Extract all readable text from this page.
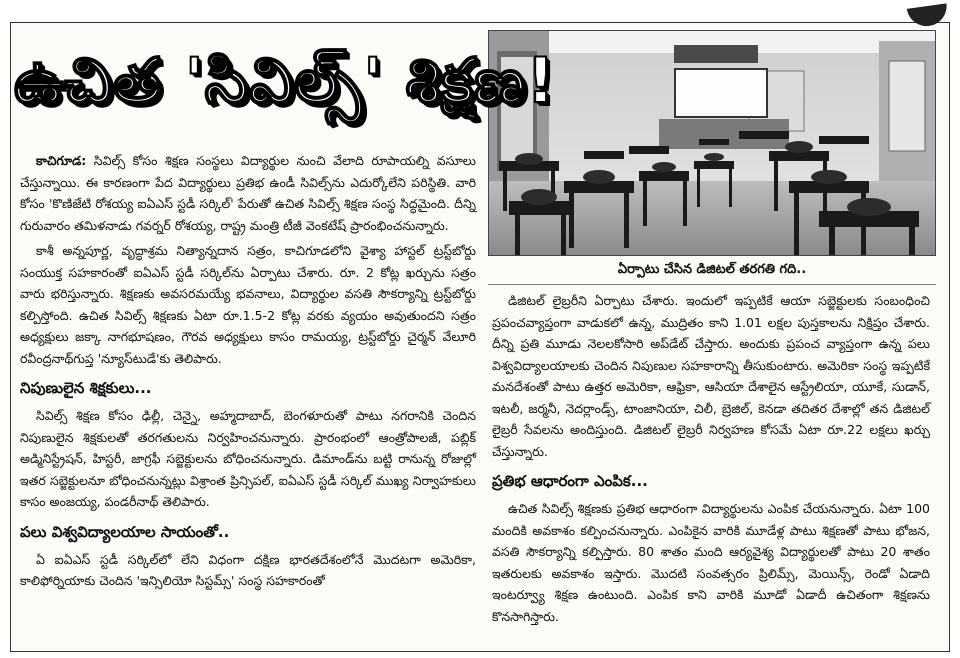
ఉచిత 'సివిల్స్' శిక్షణ!
ఏర్పాటు చేసిన డిజిటల్ తరగతి గది..

కాచిగూడ: సివిల్స్ కోసం శిక్షణ సంస్థలు విద్యార్థుల నుంచి వేలాది రూపాయల్ని వసూలు చేస్తున్నాయి. ఈ కారణంగా పేద విద్యార్థులు ప్రతిభ ఉండీ సివిల్స్‌ను ఎదుర్కోలేని పరిస్థితి. వారి కోసం 'కొణిజేటి రోశయ్య ఐఏఎస్ స్టడీ సర్కిల్' పేరుతో ఉచిత సివిల్స్ శిక్షణ సంస్థ సిద్ధమైంది. దీన్ని గురువారం తమిళనాడు గవర్నర్ రోశయ్య, రాష్ట్ర మంత్రి టీజీ వెంకటేష్ ప్రారంభించనున్నారు.

కాశీ అన్నపూర్ణ, వృద్ధాశ్రమ నిత్యాన్నదాన సత్రం, కాచిగూడలోని వైశ్యా హాస్టల్ ట్రస్ట్‌బోర్డు సంయుక్త సహకారంతో ఐఏఎస్ స్టడీ సర్కిల్‌ను ఏర్పాటు చేశారు. రూ. 2 కోట్ల ఖర్చును సత్రం వారు భరిస్తున్నారు. శిక్షణకు అవసరమయ్యే భవనాలు, విద్యార్థుల వసతి సౌకర్యాన్ని ట్రస్ట్‌బోర్డు కల్పిస్తోంది. ఉచిత సివిల్స్ శిక్షణకు ఏటా రూ.1.5-2 కోట్ల వరకు వ్యయం అవుతుందని సత్రం అధ్యక్షులు జక్కా నాగభూషణం, గౌరవ అధ్యక్షులు కాసం రామయ్య, ట్రస్ట్‌బోర్డు చైర్మన్ వేలూరి రవీంద్రనాథ్‌గుప్త 'న్యూస్‌టుడే'కు తెలిపారు.

నిపుణులైన శిక్షకులు...

సివిల్స్ శిక్షణ కోసం ఢిల్లీ, చెన్నై, అహ్మదాబాద్, బెంగళూరుతో పాటు నగరానికి చెందిన నిపుణులైన శిక్షకులతో తరగతులను నిర్వహించనున్నారు. ప్రారంభంలో ఆంత్రోపాలజీ, పబ్లిక్ అడ్మినిస్ట్రేషన్, హిస్టరీ, జాగ్రఫీ సబ్జెక్టులను బోధించనున్నారు. డిమాండ్‌ను బట్టి రానున్న రోజుల్లో ఇతర సబ్జెక్టులనూ బోధించనున్నట్లు విశ్రాంత ప్రిన్సిపల్, ఐఏఎస్ స్టడీ సర్కిల్ ముఖ్య నిర్వాహకులు కాసం అంజయ్య, పండరీనాథ్ తెలిపారు.

పలు విశ్వవిద్యాలయాల సాయంతో..

ఏ ఐఏఎస్ స్టడీ సర్కిల్‌లో లేని విధంగా దక్షిణ భారతదేశంలోనే మొదటగా అమెరికా, కాలిఫోర్నియాకు చెందిన 'ఇన్సిలియో సిస్టమ్స్' సంస్థ సహకారంతో

డిజిటల్ లైబ్రరీని ఏర్పాటు చేశారు. ఇందులో ఇప్పటికే ఆయా సబ్జెక్టులకు సంబంధించి ప్రపంచవ్యాప్తంగా వాడుకలో ఉన్న, ముద్రితం కాని 1.01 లక్షల పుస్తకాలను నిక్షిప్తం చేశారు. దీన్ని ప్రతి మూడు నెలలకోసారి అప్‌డేట్ చేస్తారు. అందుకు ప్రపంచ వ్యాప్తంగా ఉన్న పలు విశ్వవిద్యాలయాలకు చెందిన నిపుణుల సహకారాన్ని తీసుకుంటారు. అమెరికా సంస్థ ఇప్పటికే మనదేశంతో పాటు ఉత్తర అమెరికా, ఆఫ్రికా, ఆసియా దేశాలైన ఆస్ట్రేలియా, యూకే, సుడాన్, ఇటలీ, జర్మనీ, నెదర్లాండ్స్, టాంజానియా, చిలీ, బ్రెజిల్, కెనడా తదితర దేశాల్లో తన డిజిటల్ లైబ్రరీ సేవలను అందిస్తుంది. డిజిటల్ లైబ్రరీ నిర్వహణ కోసమే ఏటా రూ.22 లక్షలు ఖర్చు చేస్తున్నారు.

ప్రతిభ ఆధారంగా ఎంపిక...

ఉచిత సివిల్స్ శిక్షణకు ప్రతిభ ఆధారంగా విద్యార్థులను ఎంపిక చేయనున్నారు. ఏటా 100 మందికి అవకాశం కల్పించనున్నారు. ఎంపికైన వారికి మూడేళ్ల పాటు శిక్షణతో పాటు భోజన, వసతి సౌకర్యాన్ని కల్పిస్తారు. 80 శాతం మంది ఆర్యవైశ్య విద్యార్థులతో పాటు 20 శాతం ఇతరులకు అవకాశం ఇస్తారు. మొదటి సంవత్సరం ప్రిలిమ్స్, మెయిన్స్, రెండో ఏడాది ఇంటర్వ్యూ శిక్షణ ఉంటుంది. ఎంపిక కాని వారికి మూడో ఏడాదీ ఉచితంగా శిక్షణను కొనసాగిస్తారు.
